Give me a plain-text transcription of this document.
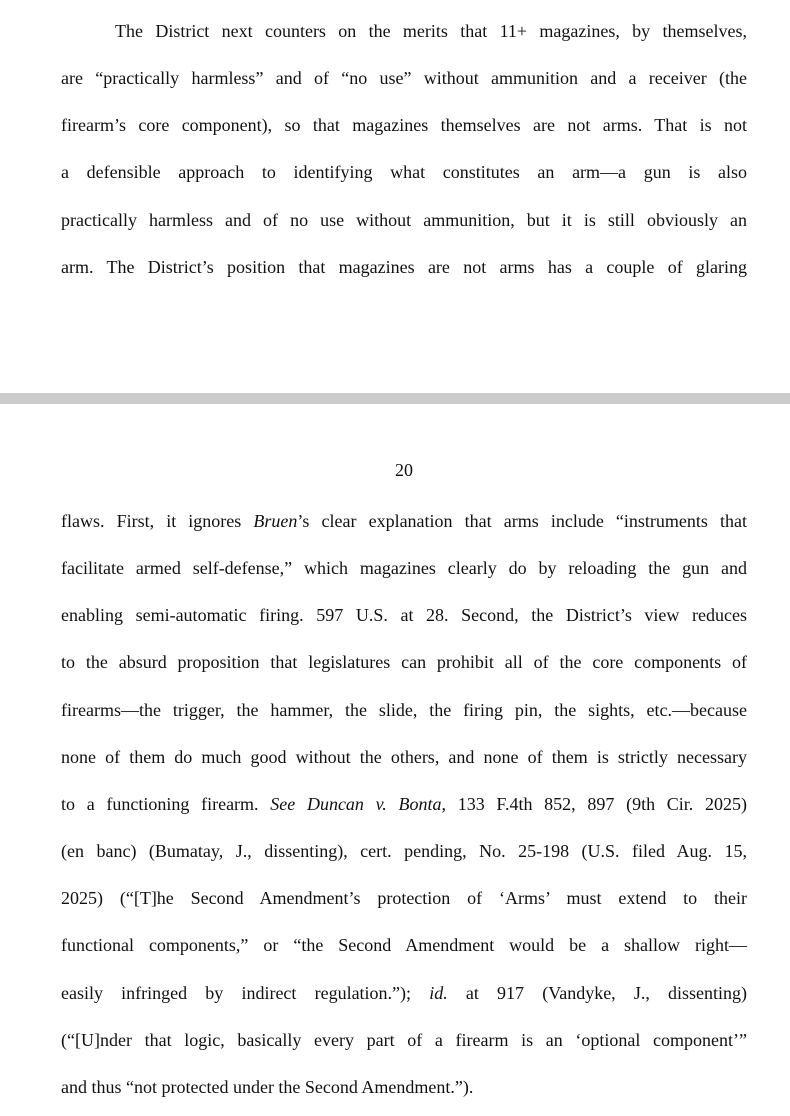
The District next counters on the merits that 11+ magazines, by themselves,
are “practically harmless” and of “no use” without ammunition and a receiver (the
firearm’s core component), so that magazines themselves are not arms. That is not
a defensible approach to identifying what constitutes an arm—a gun is also
practically harmless and of no use without ammunition, but it is still obviously an
arm. The District’s position that magazines are not arms has a couple of glaring
20
flaws. First, it ignores Bruen’s clear explanation that arms include “instruments that
facilitate armed self-defense,” which magazines clearly do by reloading the gun and
enabling semi-automatic firing. 597 U.S. at 28. Second, the District’s view reduces
to the absurd proposition that legislatures can prohibit all of the core components of
firearms—the trigger, the hammer, the slide, the firing pin, the sights, etc.—because
none of them do much good without the others, and none of them is strictly necessary
to a functioning firearm. See Duncan v. Bonta, 133 F.4th 852, 897 (9th Cir. 2025)
(en banc) (Bumatay, J., dissenting), cert. pending, No. 25-198 (U.S. filed Aug. 15,
2025) (“[T]he Second Amendment’s protection of ‘Arms’ must extend to their
functional components,” or “the Second Amendment would be a shallow right—
easily infringed by indirect regulation.”); id. at 917 (Vandyke, J., dissenting)
(“[U]nder that logic, basically every part of a firearm is an ‘optional component’”
and thus “not protected under the Second Amendment.”).
